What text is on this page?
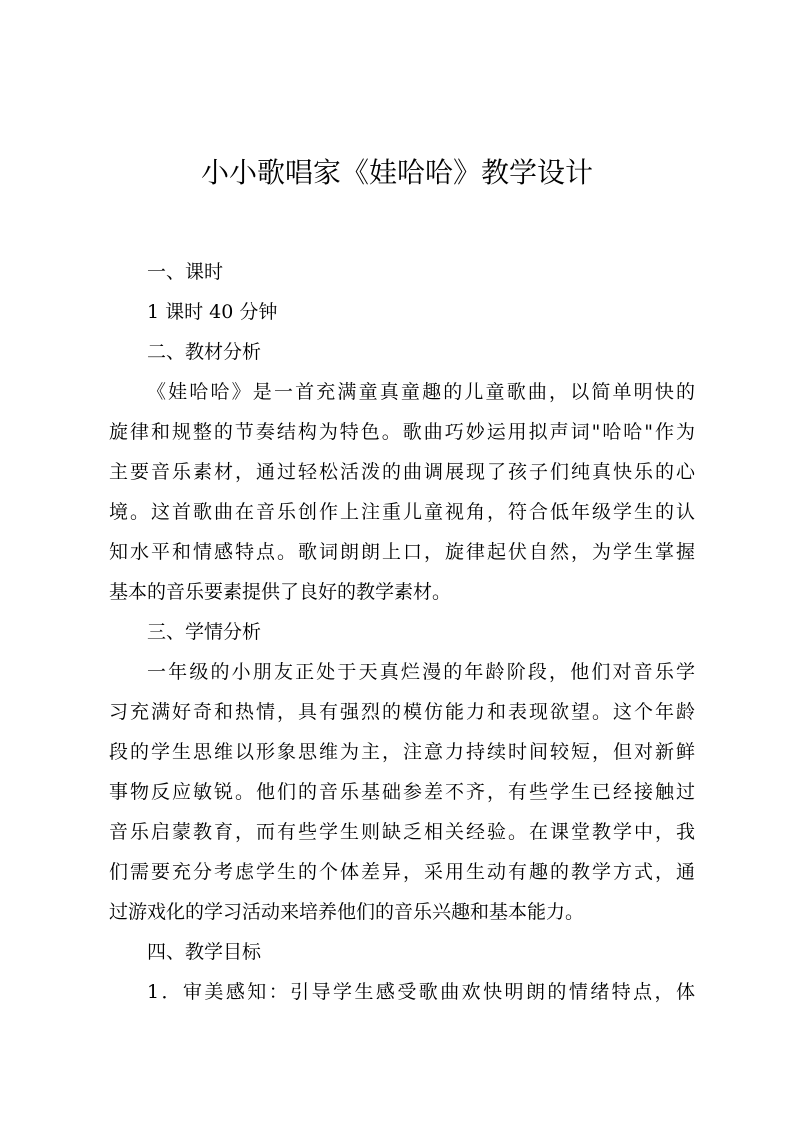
小小歌唱家《娃哈哈》教学设计
一、课时
1 课时 40 分钟
二、教材分析
《娃哈哈》是一首充满童真童趣的儿童歌曲，以简单明快的
旋律和规整的节奏结构为特色。歌曲巧妙运用拟声词"哈哈"作为
主要音乐素材，通过轻松活泼的曲调展现了孩子们纯真快乐的心
境。这首歌曲在音乐创作上注重儿童视角，符合低年级学生的认
知水平和情感特点。歌词朗朗上口，旋律起伏自然，为学生掌握
基本的音乐要素提供了良好的教学素材。
三、学情分析
一年级的小朋友正处于天真烂漫的年龄阶段，他们对音乐学
习充满好奇和热情，具有强烈的模仿能力和表现欲望。这个年龄
段的学生思维以形象思维为主，注意力持续时间较短，但对新鲜
事物反应敏锐。他们的音乐基础参差不齐，有些学生已经接触过
音乐启蒙教育，而有些学生则缺乏相关经验。在课堂教学中，我
们需要充分考虑学生的个体差异，采用生动有趣的教学方式，通
过游戏化的学习活动来培养他们的音乐兴趣和基本能力。
四、教学目标
1．审美感知：引导学生感受歌曲欢快明朗的情绪特点，体
